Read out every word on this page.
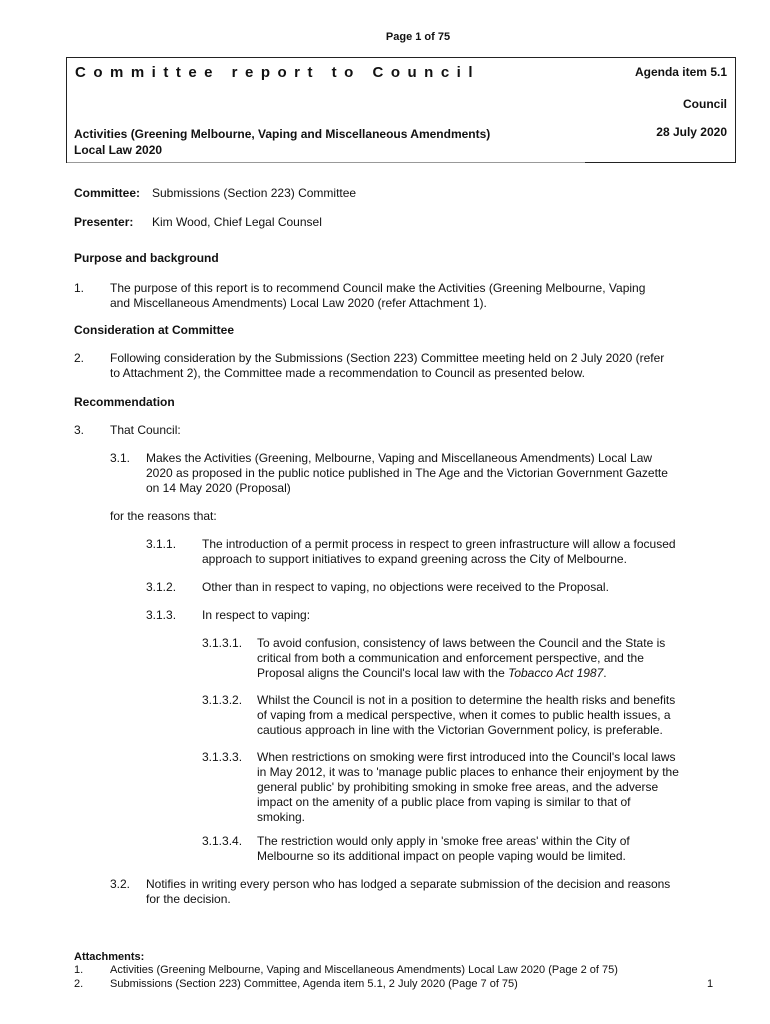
Page 1 of 75
Committee report to Council	Agenda item 5.1
Council
Activities (Greening Melbourne, Vaping and Miscellaneous Amendments)
Local Law 2020
28 July 2020
Committee: Submissions (Section 223) Committee
Presenter: Kim Wood, Chief Legal Counsel
Purpose and background
1. The purpose of this report is to recommend Council make the Activities (Greening Melbourne, Vaping
and Miscellaneous Amendments) Local Law 2020 (refer Attachment 1).
Consideration at Committee
2. Following consideration by the Submissions (Section 223) Committee meeting held on 2 July 2020 (refer
to Attachment 2), the Committee made a recommendation to Council as presented below.
Recommendation
3. That Council:
3.1. Makes the Activities (Greening, Melbourne, Vaping and Miscellaneous Amendments) Local Law
2020 as proposed in the public notice published in The Age and the Victorian Government Gazette
on 14 May 2020 (Proposal)
for the reasons that:
3.1.1. The introduction of a permit process in respect to green infrastructure will allow a focused
approach to support initiatives to expand greening across the City of Melbourne.
3.1.2. Other than in respect to vaping, no objections were received to the Proposal.
3.1.3. In respect to vaping:
3.1.3.1. To avoid confusion, consistency of laws between the Council and the State is
critical from both a communication and enforcement perspective, and the
Proposal aligns the Council's local law with the Tobacco Act 1987.
3.1.3.2. Whilst the Council is not in a position to determine the health risks and benefits
of vaping from a medical perspective, when it comes to public health issues, a
cautious approach in line with the Victorian Government policy, is preferable.
3.1.3.3. When restrictions on smoking were first introduced into the Council's local laws
in May 2012, it was to 'manage public places to enhance their enjoyment by the
general public' by prohibiting smoking in smoke free areas, and the adverse
impact on the amenity of a public place from vaping is similar to that of
smoking.
3.1.3.4. The restriction would only apply in 'smoke free areas' within the City of
Melbourne so its additional impact on people vaping would be limited.
3.2. Notifies in writing every person who has lodged a separate submission of the decision and reasons
for the decision.
Attachments:
1. Activities (Greening Melbourne, Vaping and Miscellaneous Amendments) Local Law 2020 (Page 2 of 75)
2. Submissions (Section 223) Committee, Agenda item 5.1, 2 July 2020 (Page 7 of 75)	1
